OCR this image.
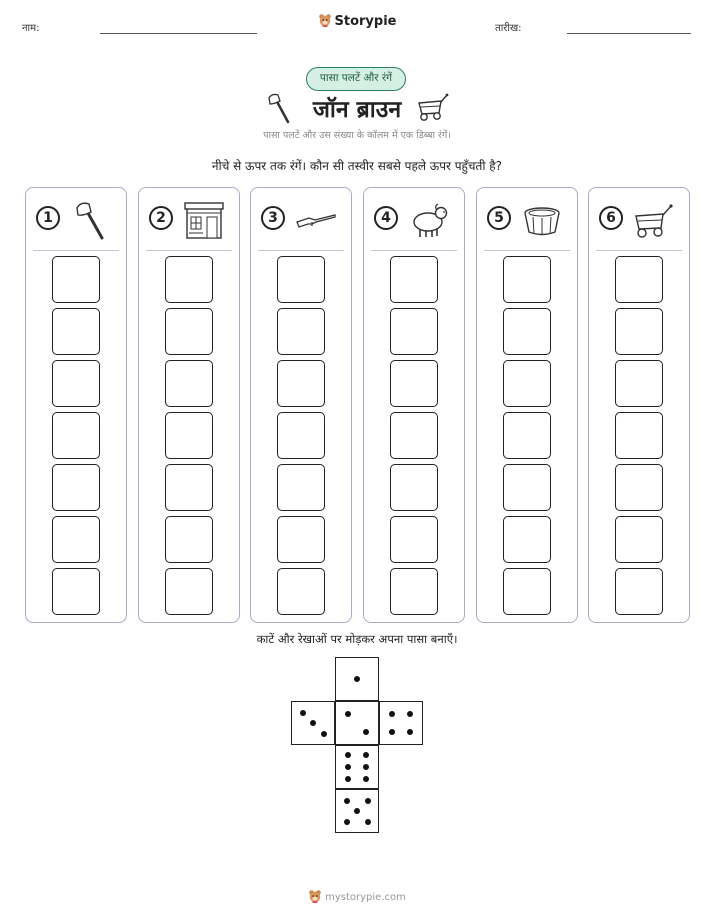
नाम:	Storypie	तारीख:
पासा पलटें और रंगें
जॉन ब्राउन
पासा पलटें और उस संख्या के कॉलम में एक डिब्बा रंगें।
नीचे से ऊपर तक रंगें। कौन सी तस्वीर सबसे पहले ऊपर पहुँचती है?
1	2	3	4	5	6
काटें और रेखाओं पर मोड़कर अपना पासा बनाएँ।
mystorypie.com
